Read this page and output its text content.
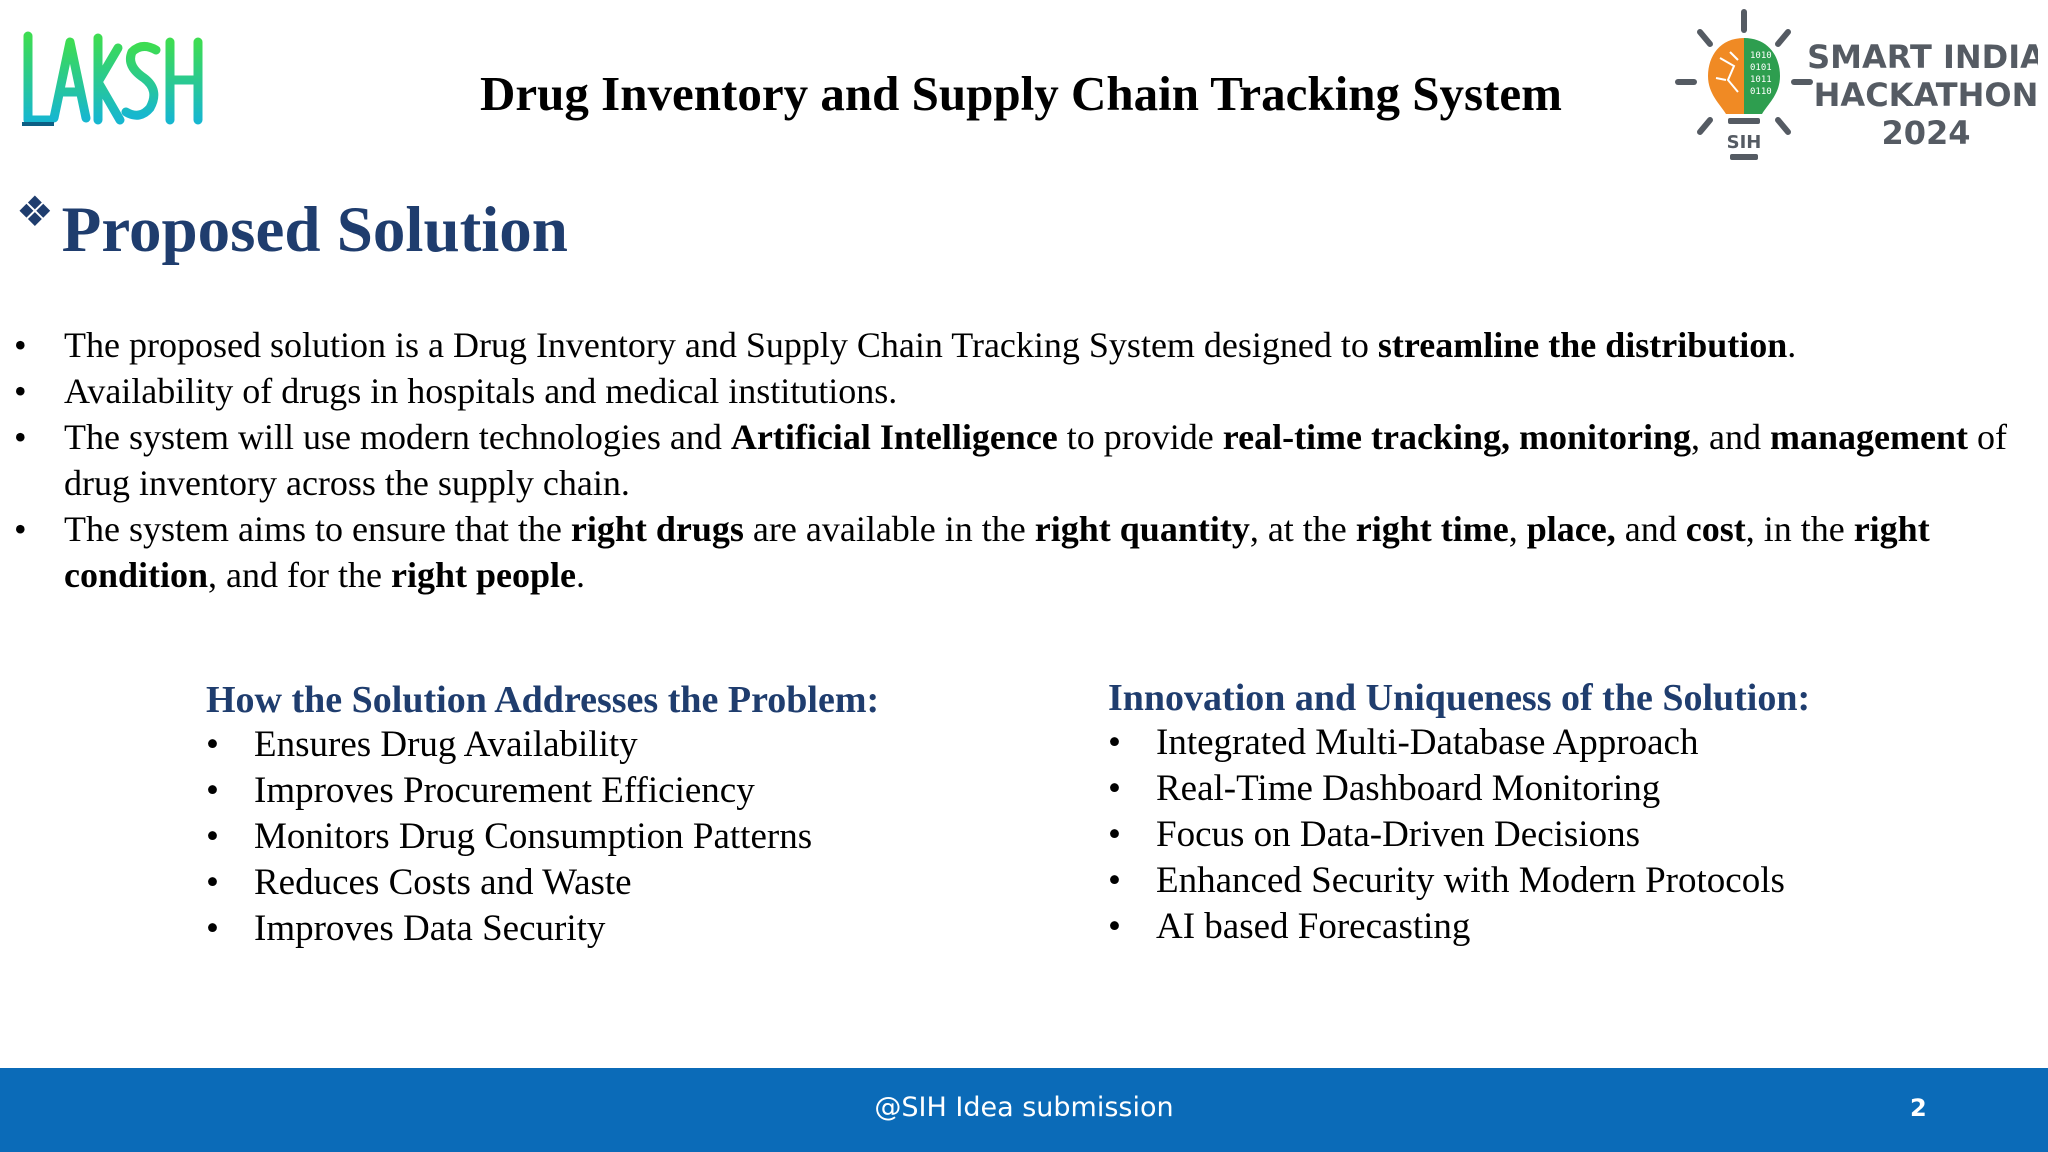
Drug Inventory and Supply Chain Tracking System
1010
0101
1011
0110
SIH
SMART INDIA
HACKATHON
2024
❖ Proposed Solution
•	The proposed solution is a Drug Inventory and Supply Chain Tracking System designed to streamline the distribution.
•	Availability of drugs in hospitals and medical institutions.
•	The system will use modern technologies and Artificial Intelligence to provide real-time tracking, monitoring, and management of drug inventory across the supply chain.
•	The system aims to ensure that the right drugs are available in the right quantity, at the right time, place, and cost, in the right condition, and for the right people.
How the Solution Addresses the Problem:
• Ensures Drug Availability
• Improves Procurement Efficiency
• Monitors Drug Consumption Patterns
• Reduces Costs and Waste
• Improves Data Security
Innovation and Uniqueness of the Solution:
• Integrated Multi-Database Approach
• Real-Time Dashboard Monitoring
• Focus on Data-Driven Decisions
• Enhanced Security with Modern Protocols
• AI based Forecasting
@SIH Idea submission	2
